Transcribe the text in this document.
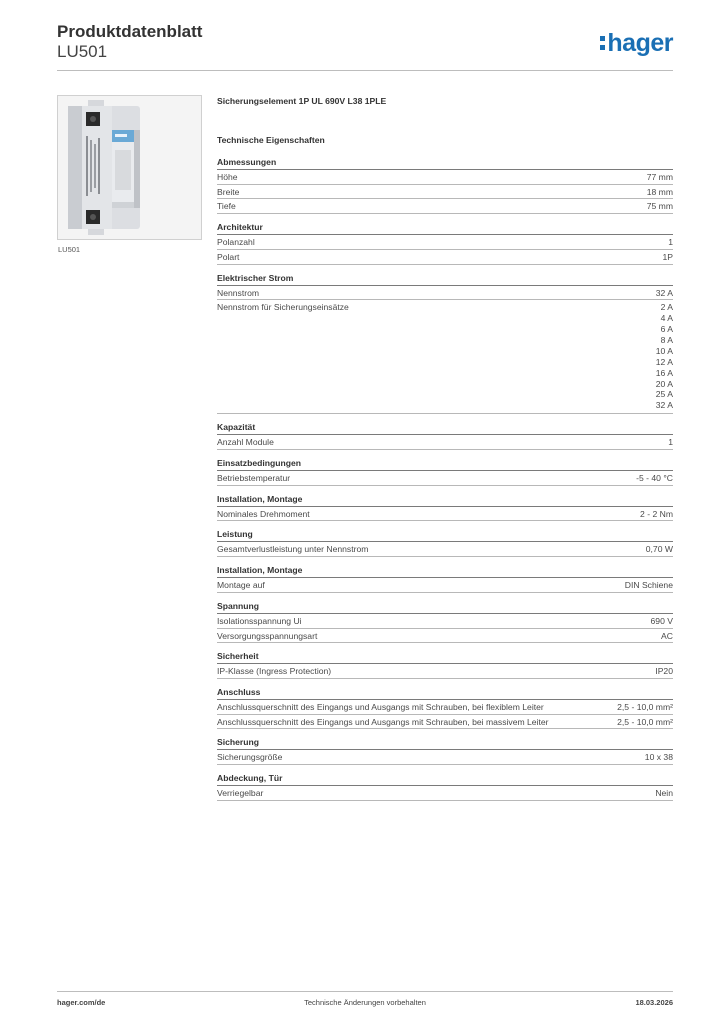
Produktdatenblatt
LU501	hager
LU501
Sicherungselement 1P UL 690V L38 1PLE
Technische Eigenschaften
Abmessungen
Höhe	77 mm
Breite	18 mm
Tiefe	75 mm
Architektur
Polanzahl	1
Polart	1P
Elektrischer Strom
Nennstrom	32 A
Nennstrom für Sicherungseinsätze	2 A
4 A
6 A
8 A
10 A
12 A
16 A
20 A
25 A
32 A
Kapazität
Anzahl Module	1
Einsatzbedingungen
Betriebstemperatur	-5 - 40 °C
Installation, Montage
Nominales Drehmoment	2 - 2 Nm
Leistung
Gesamtverlustleistung unter Nennstrom	0,70 W
Installation, Montage
Montage auf	DIN Schiene
Spannung
Isolationsspannung Ui	690 V
Versorgungsspannungsart	AC
Sicherheit
IP-Klasse (Ingress Protection)	IP20
Anschluss
Anschlussquerschnitt des Eingangs und Ausgangs mit Schrauben, bei flexiblem Leiter	2,5 - 10,0 mm²
Anschlussquerschnitt des Eingangs und Ausgangs mit Schrauben, bei massivem Leiter	2,5 - 10,0 mm²
Sicherung
Sicherungsgröße	10 x 38
Abdeckung, Tür
Verriegelbar	Nein
hager.com/de	Technische Änderungen vorbehalten	18.03.2026
